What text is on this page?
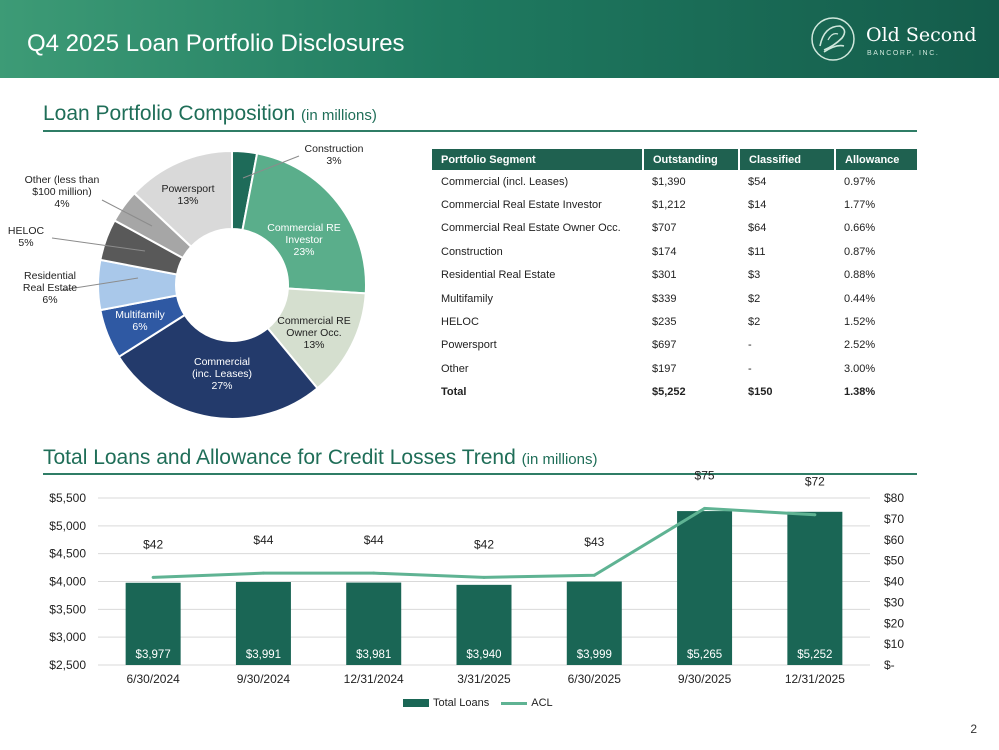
Q4 2025 Loan Portfolio Disclosures	Old Second
BANCORP, INC.
Loan Portfolio Composition (in millions)
Construction 3%
Commercial RE Investor 23%
Commercial RE Owner Occ. 13%
Commercial (inc. Leases) 27%
Multifamily 6%
Residential Real Estate 6%
HELOC 5%
Other (less than $100 million) 4%
Powersport 13%
Portfolio Segment	Outstanding	Classified	Allowance
Commercial (incl. Leases)	$1,390	$54	0.97%
Commercial Real Estate Investor	$1,212	$14	1.77%
Commercial Real Estate Owner Occ.	$707	$64	0.66%
Construction	$174	$11	0.87%
Residential Real Estate	$301	$3	0.88%
Multifamily	$339	$2	0.44%
HELOC	$235	$2	1.52%
Powersport	$697	-	2.52%
Other	$197	-	3.00%
Total	$5,252	$150	1.38%
Total Loans and Allowance for Credit Losses Trend (in millions)
$2,500
$3,000
$3,500
$4,000
$4,500
$5,000
$5,500
$-
$10
$20
$30
$40
$50
$60
$70
$80
$3,977	$3,991	$3,981	$3,940	$3,999	$5,265	$5,252
6/30/2024	9/30/2024	12/31/2024	3/31/2025	6/30/2025	9/30/2025	12/31/2025
$42	$44	$44	$42	$43
$75	$72
Total Loans	ACL
2
